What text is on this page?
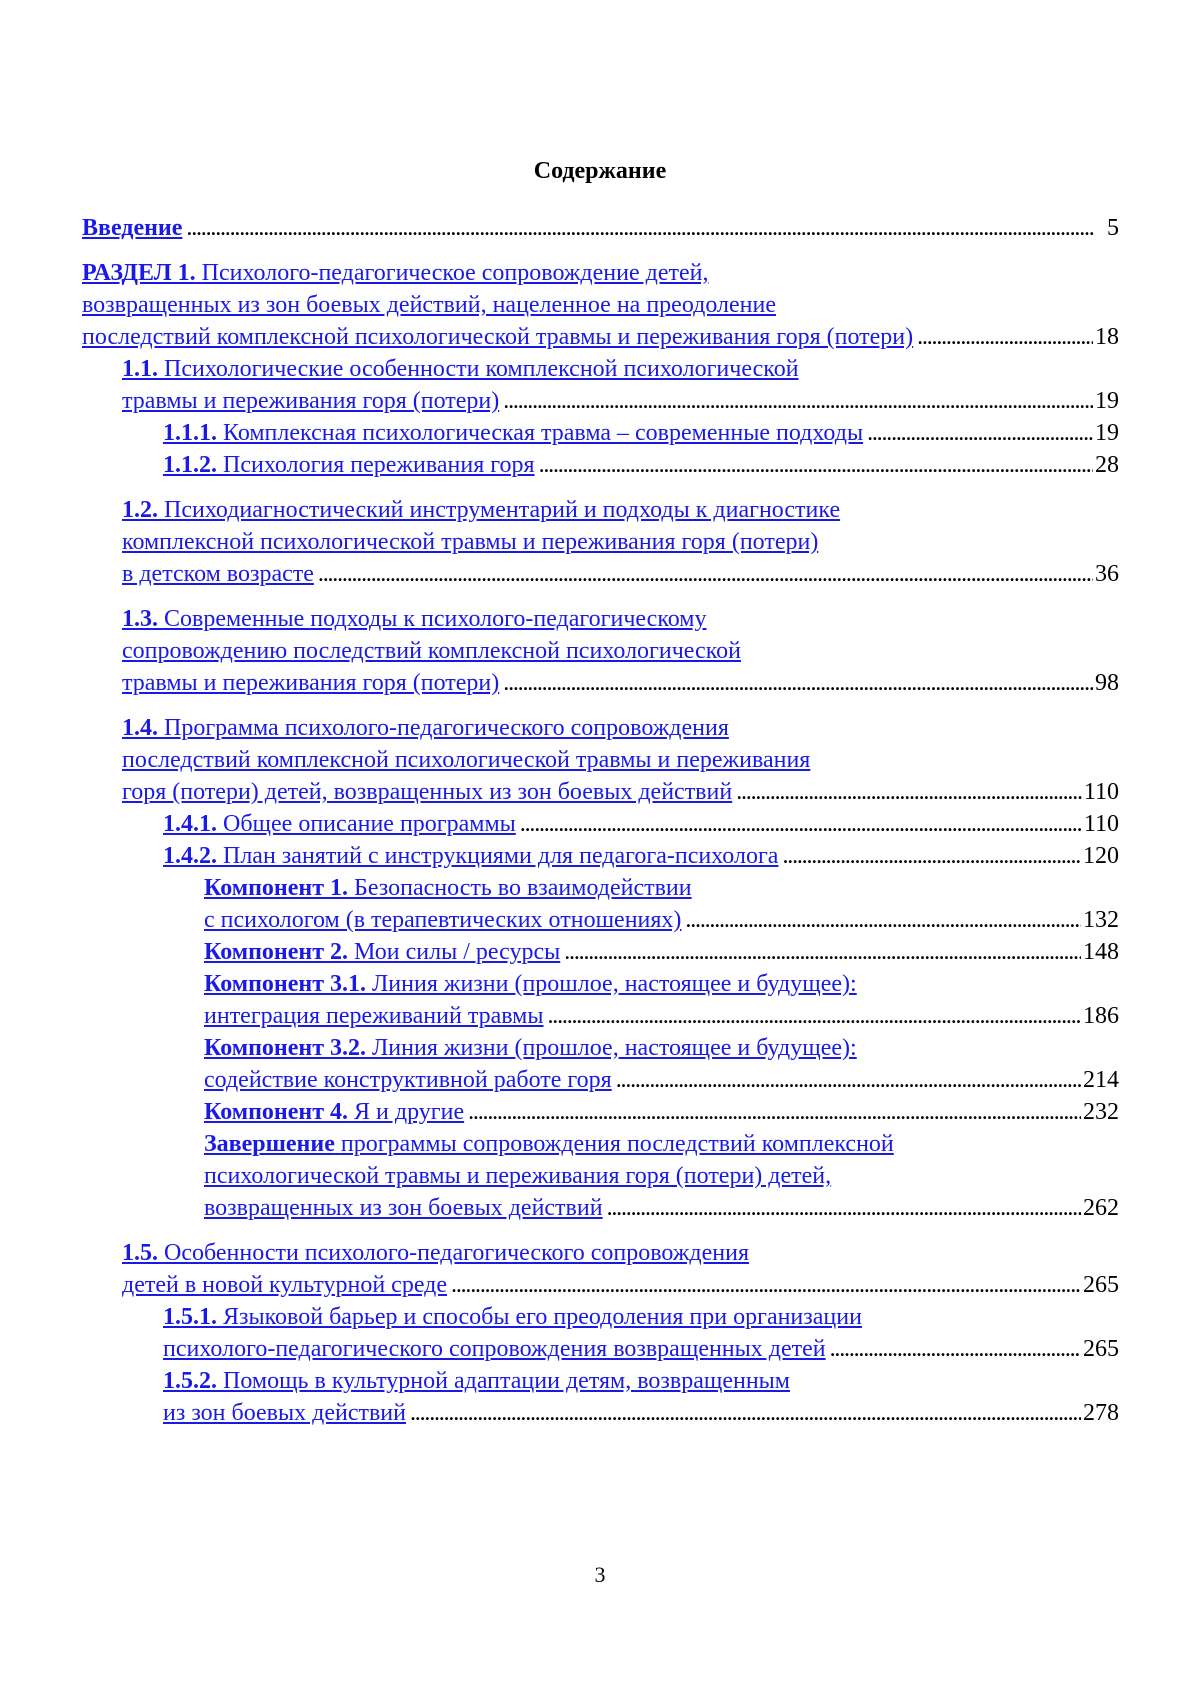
Содержание
Введение . . .	5
РАЗДЕЛ 1. Психолого-педагогическое сопровождение детей,
возвращенных из зон боевых действий, нацеленное на преодоление
последствий комплексной психологической травмы и переживания горя (потери) . . .	18
1.1. Психологические особенности комплексной психологической
травмы и переживания горя (потери) . . .	19
1.1.1. Комплексная психологическая травма – современные подходы . . .	19
1.1.2. Психология переживания горя . . .	28
1.2. Психодиагностический инструментарий и подходы к диагностике
комплексной психологической травмы и переживания горя (потери)
в детском возрасте . . .	36
1.3. Современные подходы к психолого-педагогическому
сопровождению последствий комплексной психологической
травмы и переживания горя (потери) . . .	98
1.4. Программа психолого-педагогического сопровождения
последствий комплексной психологической травмы и переживания
горя (потери) детей, возвращенных из зон боевых действий . . .	110
1.4.1. Общее описание программы . . .	110
1.4.2. План занятий с инструкциями для педагога-психолога . . .	120
Компонент 1. Безопасность во взаимодействии
с психологом (в терапевтических отношениях) . . .	132
Компонент 2. Мои силы / ресурсы . . .	148
Компонент 3.1. Линия жизни (прошлое, настоящее и будущее):
интеграция переживаний травмы . . .	186
Компонент 3.2. Линия жизни (прошлое, настоящее и будущее):
содействие конструктивной работе горя . . .	214
Компонент 4. Я и другие . . .	232
Завершение программы сопровождения последствий комплексной
психологической травмы и переживания горя (потери) детей,
возвращенных из зон боевых действий . . .	262
1.5. Особенности психолого-педагогического сопровождения
детей в новой культурной среде . . .	265
1.5.1. Языковой барьер и способы его преодоления при организации
психолого-педагогического сопровождения возвращенных детей . . .	265
1.5.2. Помощь в культурной адаптации детям, возвращенным
из зон боевых действий . . .	278
3
